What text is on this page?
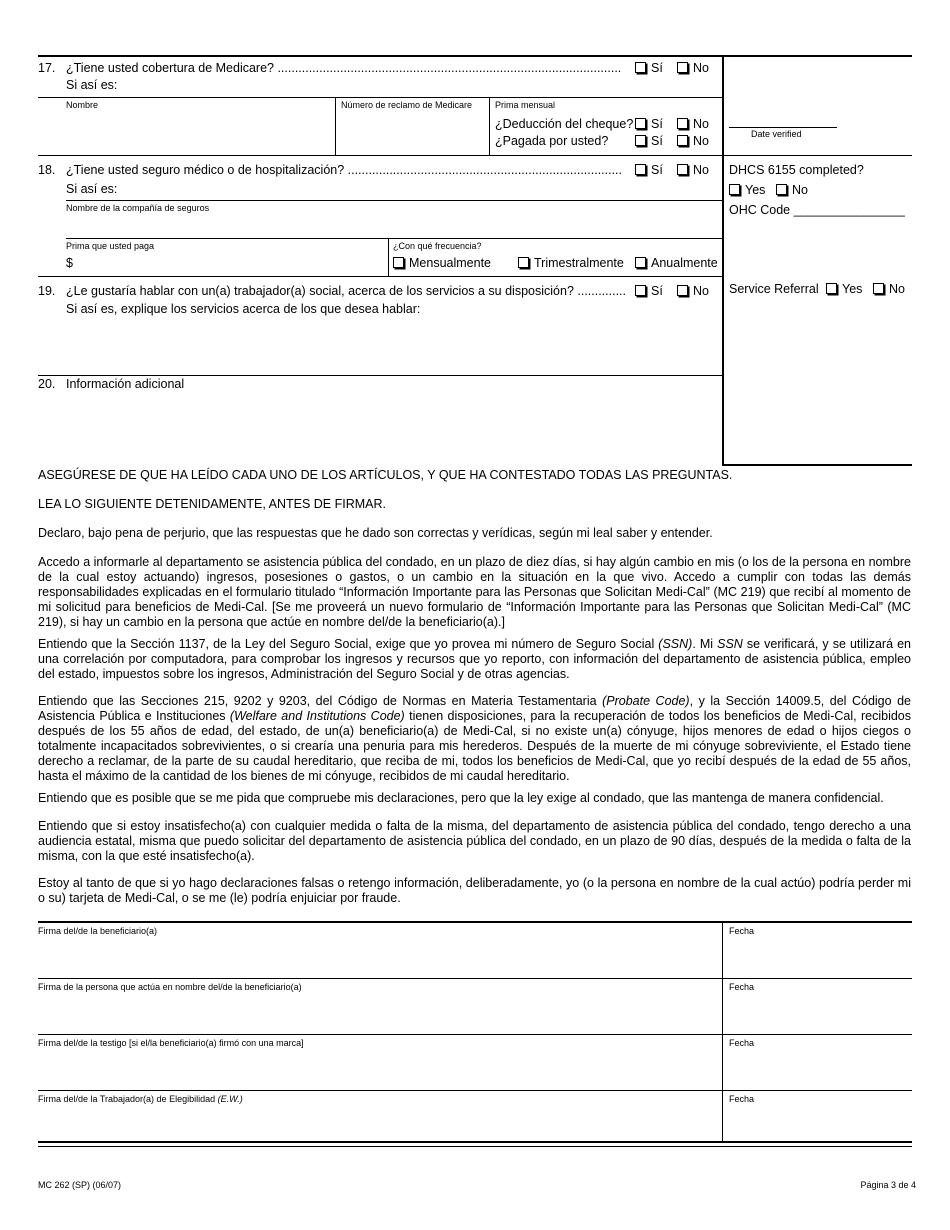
17. ¿Tiene usted cobertura de Medicare? ...................................................................................................	Sí	No
Si así es:
Nombre	Número de reclamo de Medicare	Prima mensual
¿Deducción del cheque?	Sí	No
¿Pagada por usted?	Sí	No	Date verified
18. ¿Tiene usted seguro médico o de hospitalización? ...............................................................................	Sí	No
Si así es:
Nombre de la compañía de seguros
Prima que usted paga
$
¿Con qué frecuencia?
Mensualmente	Trimestralmente	Anualmente
DHCS 6155 completed?
Yes	No
OHC Code ________________
19. ¿Le gustaría hablar con un(a) trabajador(a) social, acerca de los servicios a su disposición? ..............	Sí	No
Si así es, explique los servicios acerca de los que desea hablar:
Service Referral	Yes	No
20. Información adicional
ASEGÚRESE DE QUE HA LEÍDO CADA UNO DE LOS ARTÍCULOS, Y QUE HA CONTESTADO TODAS LAS PREGUNTAS.
LEA LO SIGUIENTE DETENIDAMENTE, ANTES DE FIRMAR.
Declaro, bajo pena de perjurio, que las respuestas que he dado son correctas y verídicas, según mi leal saber y entender.
Accedo a informarle al departamento se asistencia pública del condado, en un plazo de diez días, si hay algún cambio en mis (o los de la persona en nombre de la cual estoy actuando) ingresos, posesiones o gastos, o un cambio en la situación en la que vivo. Accedo a cumplir con todas las demás responsabilidades explicadas en el formulario titulado “Información Importante para las Personas que Solicitan Medi-Cal” (MC 219) que recibí al momento de mi solicitud para beneficios de Medi-Cal. [Se me proveerá un nuevo formulario de “Información Importante para las Personas que Solicitan Medi-Cal” (MC 219), si hay un cambio en la persona que actúe en nombre del/de la beneficiario(a).]
Entiendo que la Sección 1137, de la Ley del Seguro Social, exige que yo provea mi número de Seguro Social (SSN). Mi SSN se verificará, y se utilizará en una correlación por computadora, para comprobar los ingresos y recursos que yo reporto, con información del departamento de asistencia pública, empleo del estado, impuestos sobre los ingresos, Administración del Seguro Social y de otras agencias.
Entiendo que las Secciones 215, 9202 y 9203, del Código de Normas en Materia Testamentaria (Probate Code), y la Sección 14009.5, del Código de Asistencia Pública e Instituciones (Welfare and Institutions Code) tienen disposiciones, para la recuperación de todos los beneficios de Medi-Cal, recibidos después de los 55 años de edad, del estado, de un(a) beneficiario(a) de Medi-Cal, si no existe un(a) cónyuge, hijos menores de edad o hijos ciegos o totalmente incapacitados sobrevivientes, o si crearía una penuria para mis herederos. Después de la muerte de mi cónyuge sobreviviente, el Estado tiene derecho a reclamar, de la parte de su caudal hereditario, que reciba de mi, todos los beneficios de Medi-Cal, que yo recibí después de la edad de 55 años, hasta el máximo de la cantidad de los bienes de mi cónyuge, recibidos de mi caudal hereditario.
Entiendo que es posible que se me pida que compruebe mis declaraciones, pero que la ley exige al condado, que las mantenga de manera confidencial.
Entiendo que si estoy insatisfecho(a) con cualquier medida o falta de la misma, del departamento de asistencia pública del condado, tengo derecho a una audiencia estatal, misma que puedo solicitar del departamento de asistencia pública del condado, en un plazo de 90 días, después de la medida o falta de la misma, con la que esté insatisfecho(a).
Estoy al tanto de que si yo hago declaraciones falsas o retengo información, deliberadamente, yo (o la persona en nombre de la cual actúo) podría perder mi o su) tarjeta de Medi-Cal, o se me (le) podría enjuiciar por fraude.
Firma del/de la beneficiario(a)	Fecha
Firma de la persona que actúa en nombre del/de la beneficiario(a)	Fecha
Firma del/de la testigo [si el/la beneficiario(a) firmó con una marca]	Fecha
Firma del/de la Trabajador(a) de Elegibilidad (E.W.)	Fecha
MC 262 (SP) (06/07)	Página 3 de 4
